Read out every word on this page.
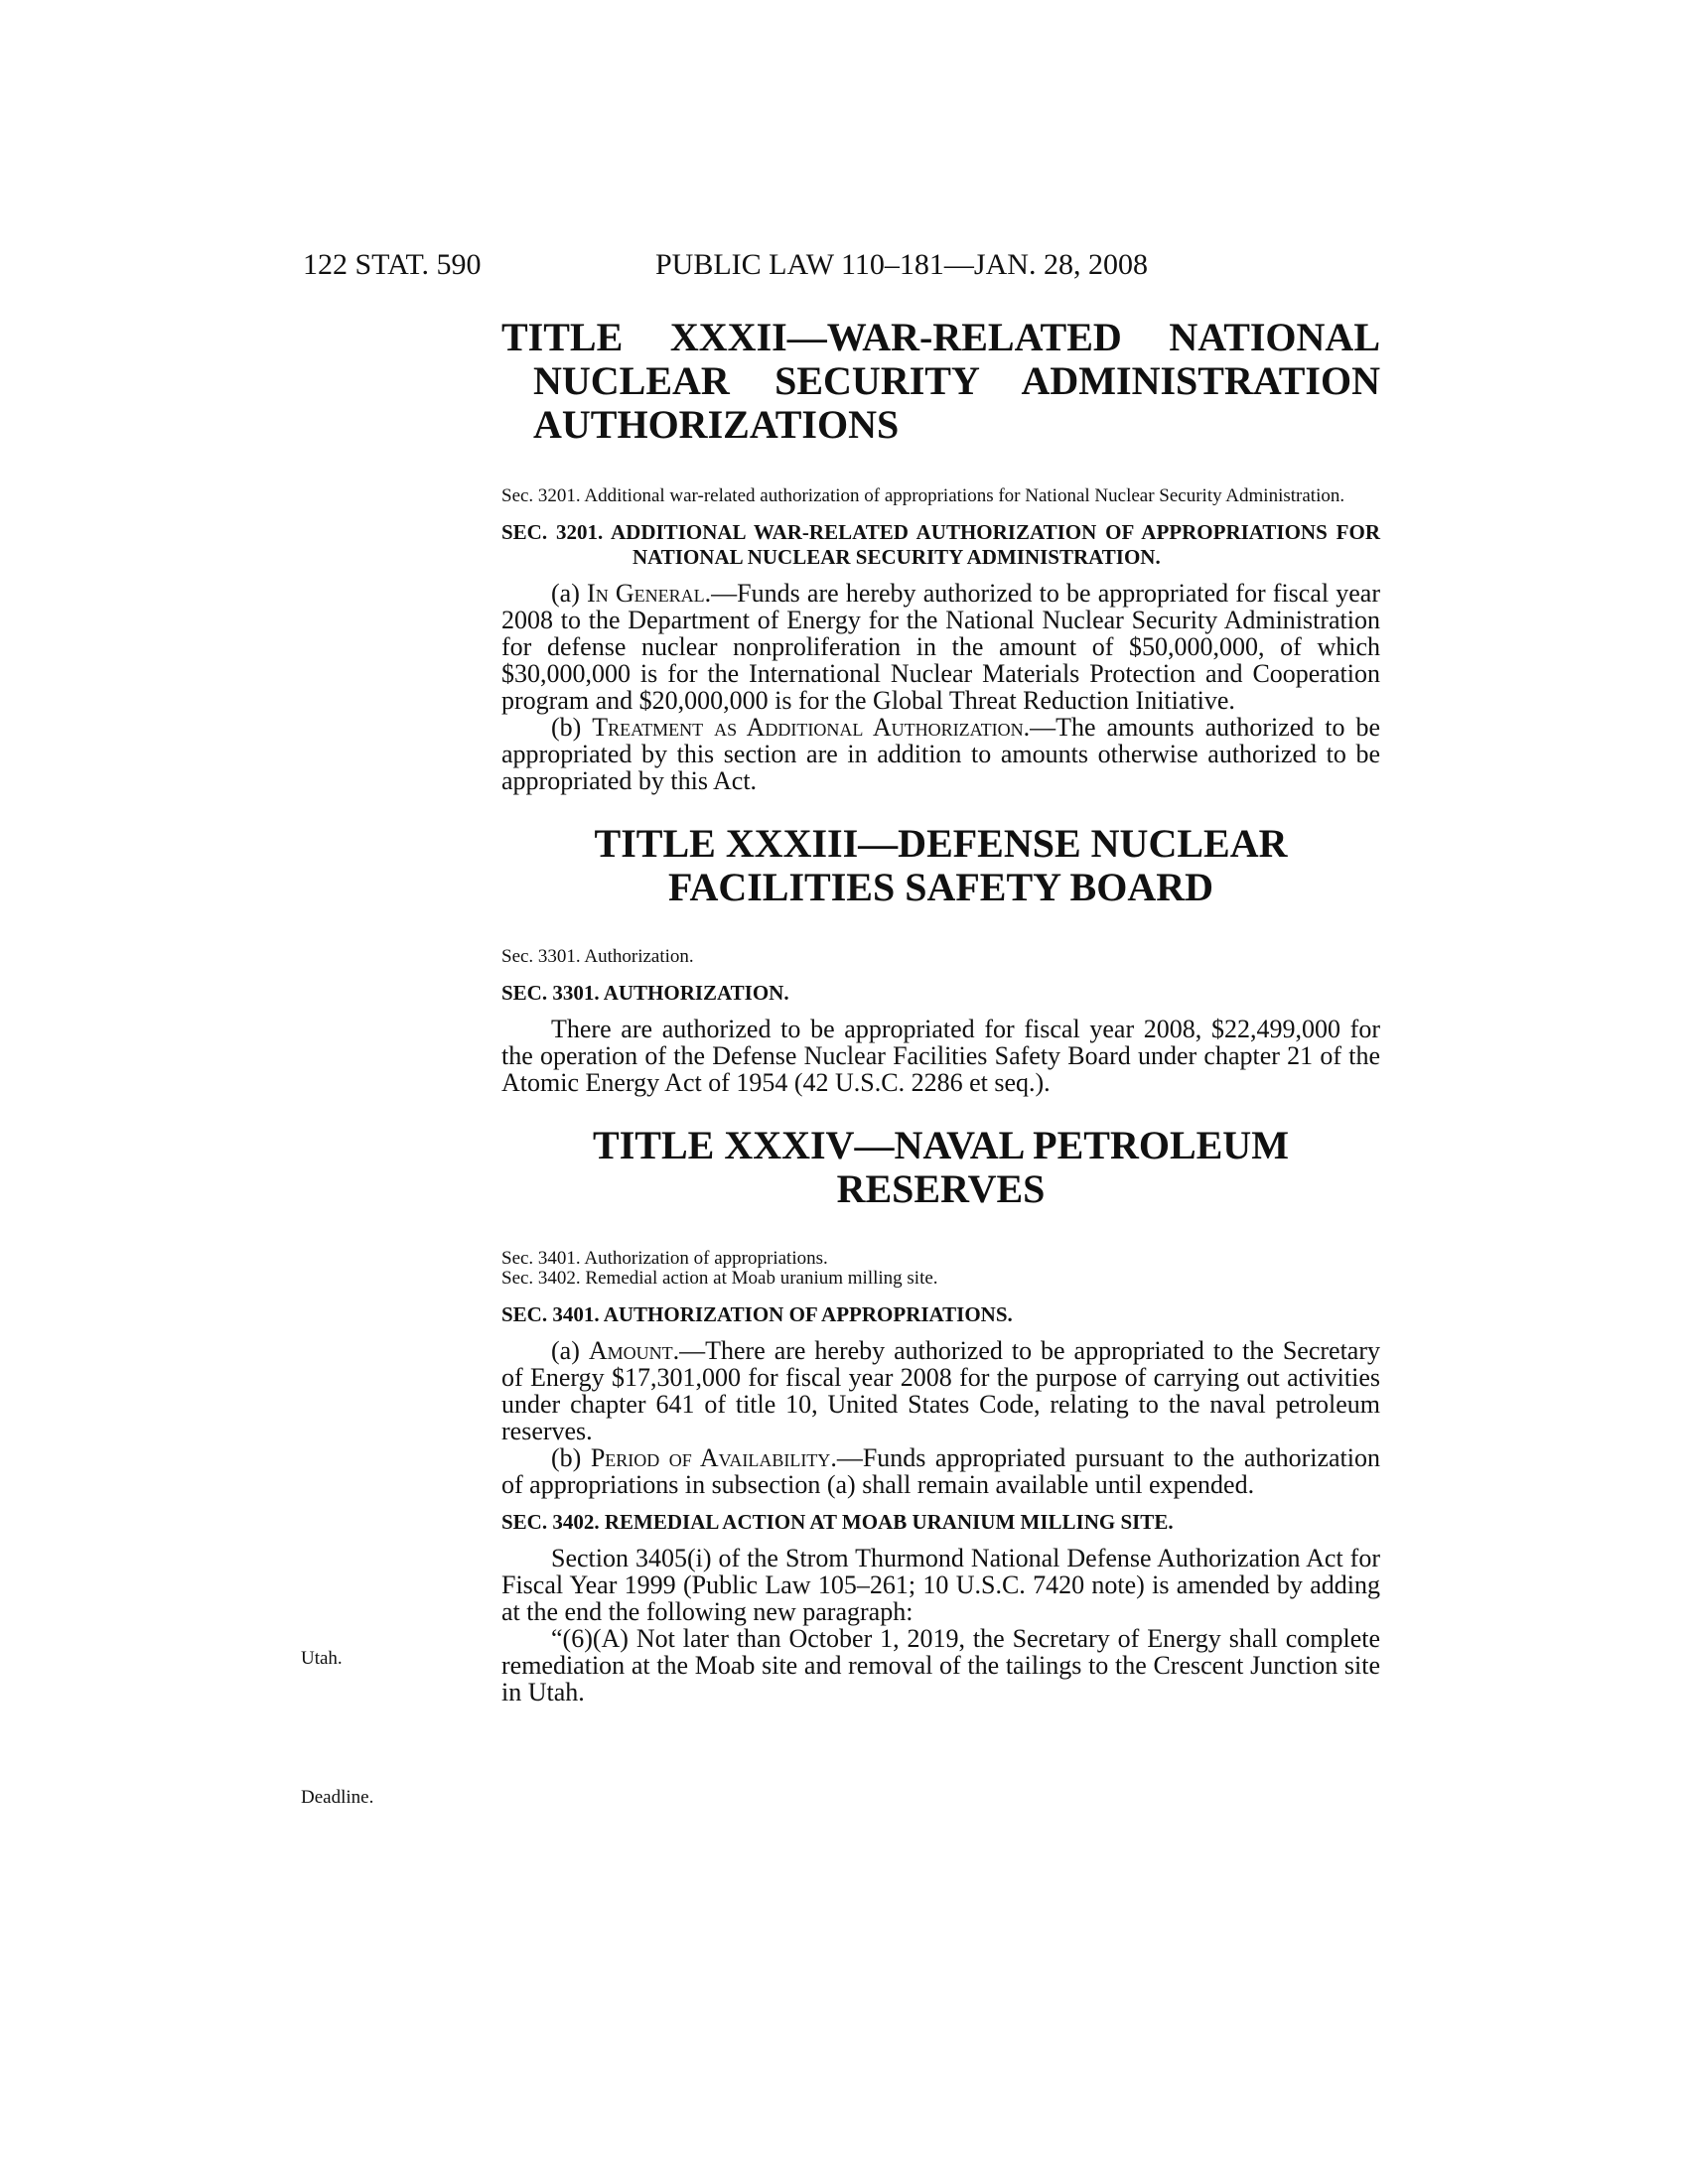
122 STAT. 590	PUBLIC LAW 110–181—JAN. 28, 2008
Utah.
Deadline.
TITLE XXXII—WAR-RELATED NATIONAL NUCLEAR SECURITY ADMINISTRATION AUTHORIZATIONS
Sec. 3201. Additional war-related authorization of appropriations for National Nuclear Security Administration.
SEC. 3201. ADDITIONAL WAR-RELATED AUTHORIZATION OF APPROPRIATIONS FOR NATIONAL NUCLEAR SECURITY ADMINISTRATION.

(a) In General.—Funds are hereby authorized to be appropriated for fiscal year 2008 to the Department of Energy for the National Nuclear Security Administration for defense nuclear nonproliferation in the amount of $50,000,000, of which $30,000,000 is for the International Nuclear Materials Protection and Cooperation program and $20,000,000 is for the Global Threat Reduction Initiative.

(b) Treatment as Additional Authorization.—The amounts authorized to be appropriated by this section are in addition to amounts otherwise authorized to be appropriated by this Act.

TITLE XXXIII—DEFENSE NUCLEAR FACILITIES SAFETY BOARD
Sec. 3301. Authorization.
SEC. 3301. AUTHORIZATION.

There are authorized to be appropriated for fiscal year 2008, $22,499,000 for the operation of the Defense Nuclear Facilities Safety Board under chapter 21 of the Atomic Energy Act of 1954 (42 U.S.C. 2286 et seq.).

TITLE XXXIV—NAVAL PETROLEUM RESERVES
Sec. 3401. Authorization of appropriations.
Sec. 3402. Remedial action at Moab uranium milling site.
SEC. 3401. AUTHORIZATION OF APPROPRIATIONS.

(a) Amount.—There are hereby authorized to be appropriated to the Secretary of Energy $17,301,000 for fiscal year 2008 for the purpose of carrying out activities under chapter 641 of title 10, United States Code, relating to the naval petroleum reserves.

(b) Period of Availability.—Funds appropriated pursuant to the authorization of appropriations in subsection (a) shall remain available until expended.

SEC. 3402. REMEDIAL ACTION AT MOAB URANIUM MILLING SITE.

Section 3405(i) of the Strom Thurmond National Defense Authorization Act for Fiscal Year 1999 (Public Law 105–261; 10 U.S.C. 7420 note) is amended by adding at the end the following new paragraph:

“(6)(A) Not later than October 1, 2019, the Secretary of Energy shall complete remediation at the Moab site and removal of the tailings to the Crescent Junction site in Utah.
